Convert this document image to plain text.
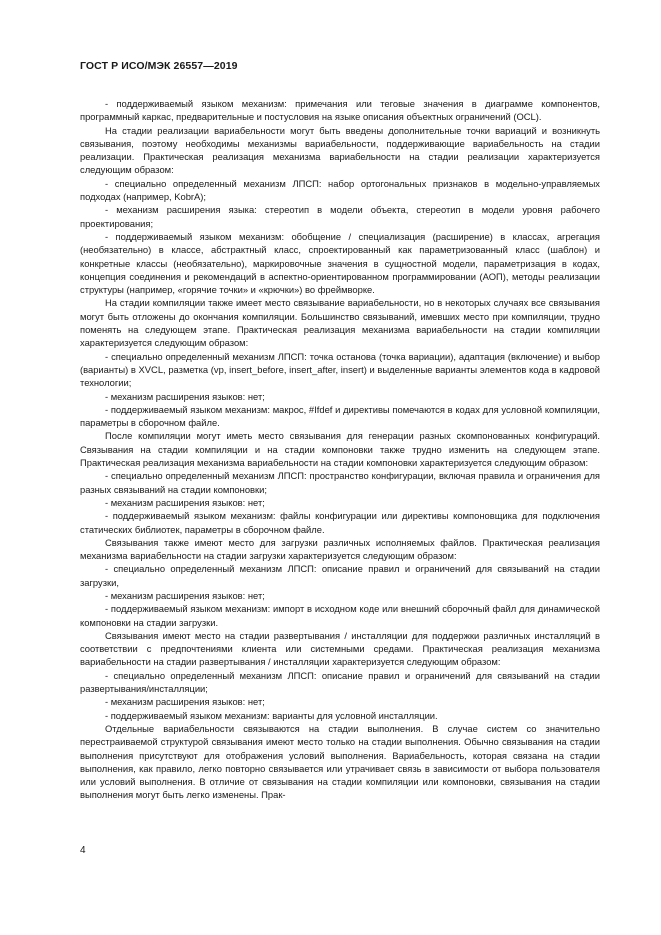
ГОСТ Р ИСО/МЭК 26557—2019

- поддерживаемый языком механизм: примечания или теговые значения в диаграмме компонентов, программный каркас, предварительные и постусловия на языке описания объектных ограничений (OCL).

На стадии реализации вариабельности могут быть введены дополнительные точки вариаций и возникнуть связывания, поэтому необходимы механизмы вариабельности, поддерживающие вариабельность на стадии реализации. Практическая реализация механизма вариабельности на стадии реализации характеризуется следующим образом:

- специально определенный механизм ЛПСП: набор ортогональных признаков в модельно-управляемых подходах (например, KobrA);

- механизм расширения языка: стереотип в модели объекта, стереотип в модели уровня рабочего проектирования;

- поддерживаемый языком механизм: обобщение / специализация (расширение) в классах, агрегация (необязательно) в классе, абстрактный класс, спроектированный как параметризованный класс (шаблон) и конкретные классы (необязательно), маркировочные значения в сущностной модели, параметризация в кодах, концепция соединения и рекомендаций в аспектно-ориентированном программировании (АОП), методы реализации структуры (например, «горячие точки» и «крючки») во фреймворке.

На стадии компиляции также имеет место связывание вариабельности, но в некоторых случаях все связывания могут быть отложены до окончания компиляции. Большинство связываний, имевших место при компиляции, трудно поменять на следующем этапе. Практическая реализация механизма вариабельности на стадии компиляции характеризуется следующим образом:

- специально определенный механизм ЛПСП: точка останова (точка вариации), адаптация (включение) и выбор (варианты) в XVCL, разметка (vp, insert_before, insert_after, insert) и выделенные варианты элементов кода в кадровой технологии;

- механизм расширения языков: нет;

- поддерживаемый языком механизм: макрос, #Ifdef и директивы помечаются в кодах для условной компиляции, параметры в сборочном файле.

После компиляции могут иметь место связывания для генерации разных скомпонованных конфигураций. Связывания на стадии компиляции и на стадии компоновки также трудно изменить на следующем этапе. Практическая реализация механизма вариабельности на стадии компоновки характеризуется следующим образом:

- специально определенный механизм ЛПСП: пространство конфигурации, включая правила и ограничения для разных связываний на стадии компоновки;

- механизм расширения языков: нет;

- поддерживаемый языком механизм: файлы конфигурации или директивы компоновщика для подключения статических библиотек, параметры в сборочном файле.

Связывания также имеют место для загрузки различных исполняемых файлов. Практическая реализация механизма вариабельности на стадии загрузки характеризуется следующим образом:

- специально определенный механизм ЛПСП: описание правил и ограничений для связываний на стадии загрузки,

- механизм расширения языков: нет;

- поддерживаемый языком механизм: импорт в исходном коде или внешний сборочный файл для динамической компоновки на стадии загрузки.

Связывания имеют место на стадии развертывания / инсталляции для поддержки различных инсталляций в соответствии с предпочтениями клиента или системными средами. Практическая реализация механизма вариабельности на стадии развертывания / инсталляции характеризуется следующим образом:

- специально определенный механизм ЛПСП: описание правил и ограничений для связываний на стадии развертывания/инсталляции;

- механизм расширения языков: нет;

- поддерживаемый языком механизм: варианты для условной инсталляции.

Отдельные вариабельности связываются на стадии выполнения. В случае систем со значительно перестраиваемой структурой связывания имеют место только на стадии выполнения. Обычно связывания на стадии выполнения присутствуют для отображения условий выполнения. Вариабельность, которая связана на стадии выполнения, как правило, легко повторно связывается или утрачивает связь в зависимости от выбора пользователя или условий выполнения. В отличие от связывания на стадии компиляции или компоновки, связывания на стадии выполнения могут быть легко изменены. Прак-

4
